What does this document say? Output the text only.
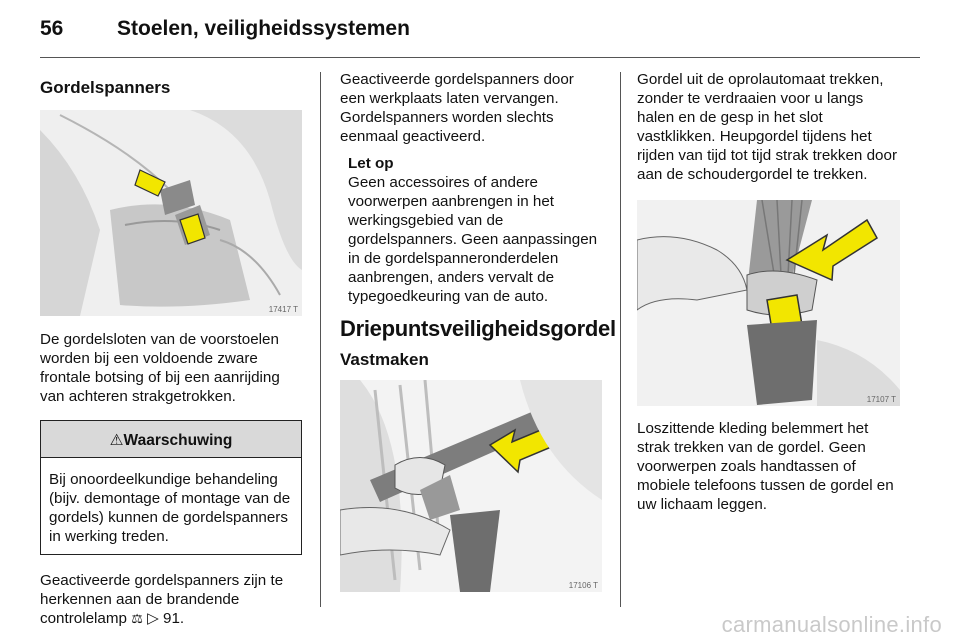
56	Stoelen, veiligheidssystemen
Gordelspanners
17417 T

De gordelsloten van de voorstoelen worden bij een voldoende zware frontale botsing of bij een aanrijding van achteren strakgetrokken.

⚠Waarschuwing

Bij onoordeelkundige behandeling (bijv. demontage of montage van de gordels) kunnen de gordelspanners in werking treden.

Geactiveerde gordelspanners zijn te herkennen aan de brandende controlelamp ⚖ ▷ 91.

Geactiveerde gordelspanners door een werkplaats laten vervangen. Gordelspanners worden slechts eenmaal geactiveerd.

Let op

Geen accessoires of andere voorwerpen aanbrengen in het werkingsgebied van de gordelspanners. Geen aanpassingen in de gordelspanneronderdelen aanbrengen, anders vervalt de typegoedkeuring van de auto.

Driepuntsveiligheidsgordel
Vastmaken
17106 T

Gordel uit de oprolautomaat trekken, zonder te verdraaien voor u langs halen en de gesp in het slot vastklikken. Heupgordel tijdens het rijden van tijd tot tijd strak trekken door aan de schoudergordel te trekken.

17107 T

Loszittende kleding belemmert het strak trekken van de gordel. Geen voorwerpen zoals handtassen of mobiele telefoons tussen de gordel en uw lichaam leggen.

carmanualsonline.info
